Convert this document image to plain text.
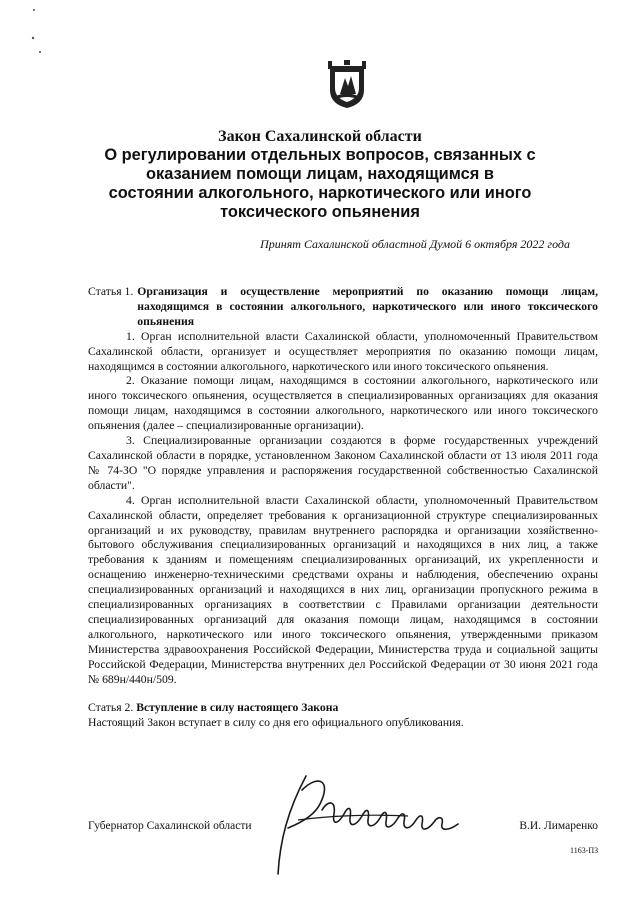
Закон Сахалинской области
О регулировании отдельных вопросов, связанных с
оказанием помощи лицам, находящимся в
состоянии алкогольного, наркотического или иного
токсического опьянения
Принят Сахалинской областной Думой 6 октября 2022 года
Статья 1. Организация и осуществление мероприятий по оказанию помощи лицам, находящимся в состоянии алкогольного, наркотического или иного токсического опьянения

1. Орган исполнительной власти Сахалинской области, уполномоченный Правительством Сахалинской области, организует и осуществляет мероприятия по оказанию помощи лицам, находящимся в состоянии алкогольного, наркотического или иного токсического опьянения.

2. Оказание помощи лицам, находящимся в состоянии алкогольного, наркотического или иного токсического опьянения, осуществляется в специализированных организациях для оказания помощи лицам, находящимся в состоянии алкогольного, наркотического или иного токсического опьянения (далее – специализированные организации).

3. Специализированные организации создаются в форме государственных учреждений Сахалинской области в порядке, установленном Законом Сахалинской области от 13 июля 2011 года № 74-ЗО "О порядке управления и распоряжения государственной собственностью Сахалинской области".

4. Орган исполнительной власти Сахалинской области, уполномоченный Правительством Сахалинской области, определяет требования к организационной структуре специализированных организаций и их руководству, правилам внутреннего распорядка и организации хозяйственно-бытового обслуживания специализированных организаций и находящихся в них лиц, а также требования к зданиям и помещениям специализированных организаций, их укрепленности и оснащению инженерно-техническими средствами охраны и наблюдения, обеспечению охраны специализированных организаций и находящихся в них лиц, организации пропускного режима в специализированных организациях в соответствии с Правилами организации деятельности специализированных организаций для оказания помощи лицам, находящимся в состоянии алкогольного, наркотического или иного токсического опьянения, утвержденными приказом Министерства здравоохранения Российской Федерации, Министерства труда и социальной защиты Российской Федерации, Министерства внутренних дел Российской Федерации от 30 июня 2021 года № 689н/440н/509.

Статья 2. Вступление в силу настоящего Закона

Настоящий Закон вступает в силу со дня его официального опубликования.

Губернатор Сахалинской области	В.И. Лимаренко
1163-ПЗ
